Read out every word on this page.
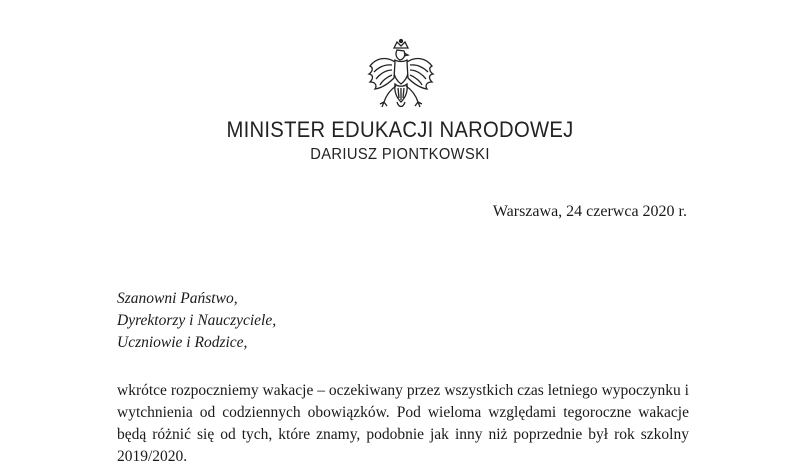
MINISTER EDUKACJI NARODOWEJ
DARIUSZ PIONTKOWSKI
Warszawa, 24 czerwca 2020 r.
Szanowni Państwo,
Dyrektorzy i Nauczyciele,
Uczniowie i Rodzice,
wkrótce rozpoczniemy wakacje – oczekiwany przez wszystkich czas letniego wypoczynku i
wytchnienia od codziennych obowiązków. Pod wieloma względami tegoroczne wakacje
będą różnić się od tych, które znamy, podobnie jak inny niż poprzednie był rok szkolny
2019/2020.
